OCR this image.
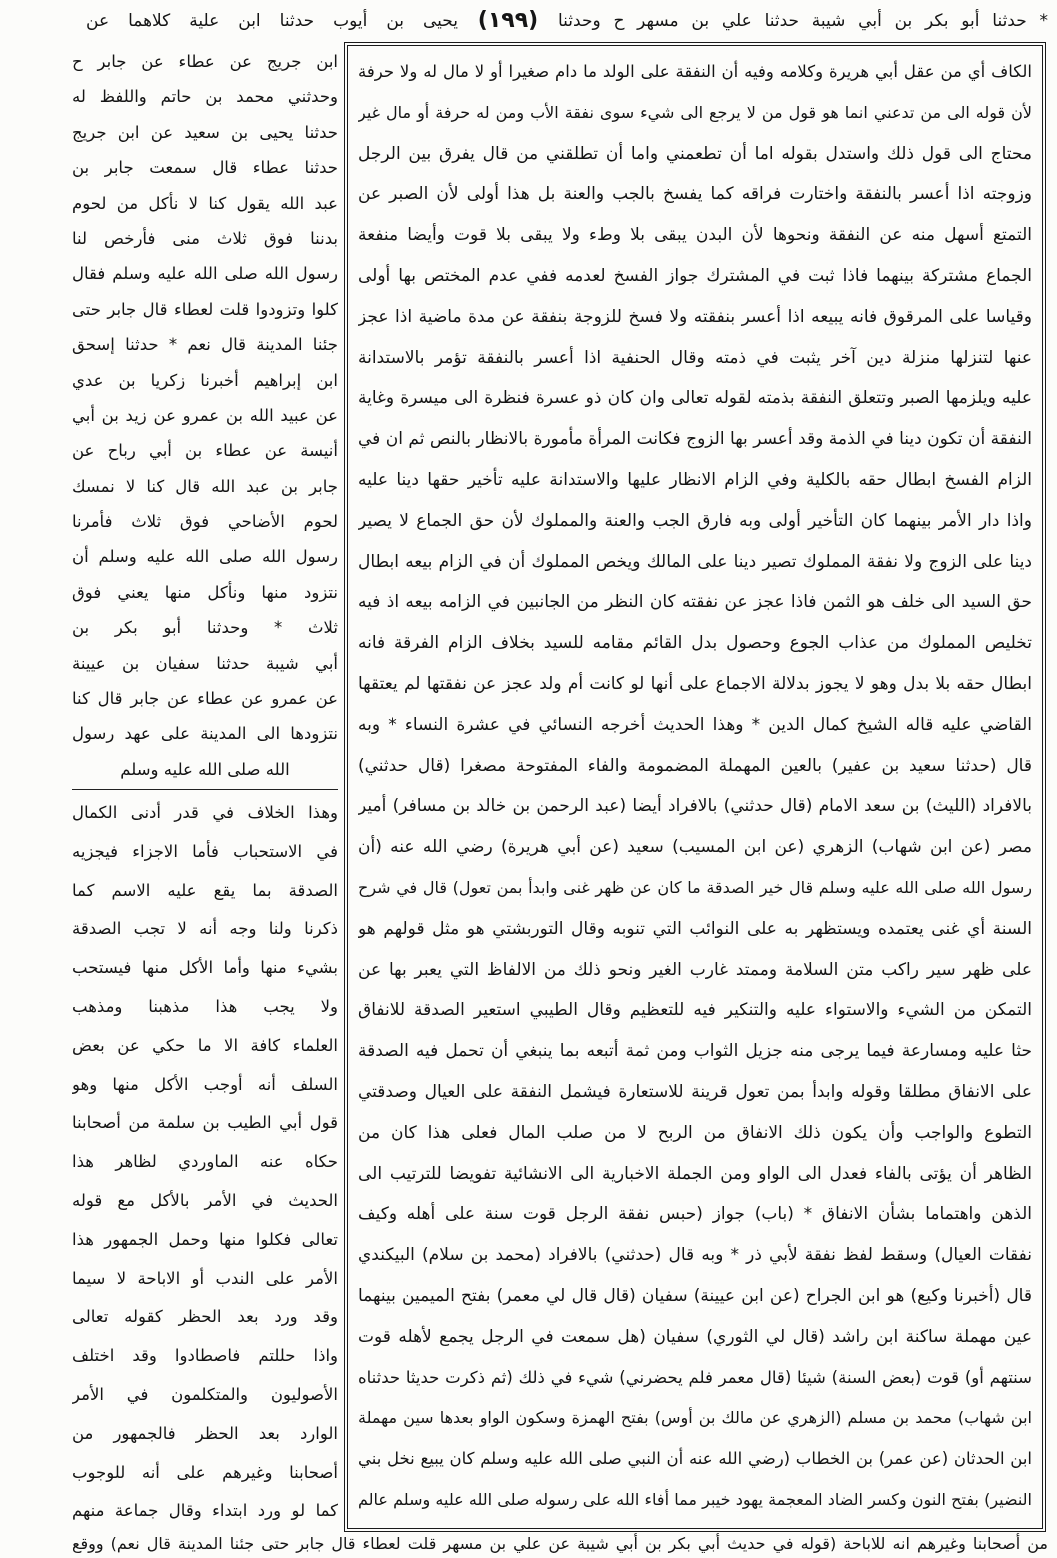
* حدثنا أبو بكر بن أبي شيبة حدثنا علي بن مسهر ح وحدثنا
(١٩٩)
يحيى بن أيوب حدثنا ابن علية كلاهما عن
الكاف أي من عقل أبي هريرة وكلامه وفيه أن النفقة على الولد ما دام صغيرا أو لا مال له ولا حرفة
لأن قوله الى من تدعني انما هو قول من لا يرجع الى شيء سوى نفقة الأب ومن له حرفة أو مال غير
محتاج الى قول ذلك واستدل بقوله اما أن تطعمني واما أن تطلقني من قال يفرق بين الرجل
وزوجته اذا أعسر بالنفقة واختارت فراقه كما يفسخ بالجب والعنة بل هذا أولى لأن الصبر عن
التمتع أسهل منه عن النفقة ونحوها لأن البدن يبقى بلا وطء ولا يبقى بلا قوت وأيضا منفعة
الجماع مشتركة بينهما فاذا ثبت في المشترك جواز الفسخ لعدمه ففي عدم المختص بها أولى
وقياسا على المرقوق فانه يبيعه اذا أعسر بنفقته ولا فسخ للزوجة بنفقة عن مدة ماضية اذا عجز
عنها لتنزلها منزلة دين آخر يثبت في ذمته وقال الحنفية اذا أعسر بالنفقة تؤمر بالاستدانة
عليه ويلزمها الصبر وتتعلق النفقة بذمته لقوله تعالى وان كان ذو عسرة فنظرة الى ميسرة وغاية
النفقة أن تكون دينا في الذمة وقد أعسر بها الزوج فكانت المرأة مأمورة بالانظار بالنص ثم ان في
الزام الفسخ ابطال حقه بالكلية وفي الزام الانظار عليها والاستدانة عليه تأخير حقها دينا عليه
واذا دار الأمر بينهما كان التأخير أولى وبه فارق الجب والعنة والمملوك لأن حق الجماع لا يصير
دينا على الزوج ولا نفقة المملوك تصير دينا على المالك ويخص المملوك أن في الزام بيعه ابطال
حق السيد الى خلف هو الثمن فاذا عجز عن نفقته كان النظر من الجانبين في الزامه بيعه اذ فيه
تخليص المملوك من عذاب الجوع وحصول بدل القائم مقامه للسيد بخلاف الزام الفرقة فانه
ابطال حقه بلا بدل وهو لا يجوز بدلالة الاجماع على أنها لو كانت أم ولد عجز عن نفقتها لم يعتقها
القاضي عليه قاله الشيخ كمال الدين * وهذا الحديث أخرجه النسائي في عشرة النساء * وبه
قال (حدثنا سعيد بن عفير) بالعين المهملة المضمومة والفاء المفتوحة مصغرا (قال حدثني)
بالافراد (الليث) بن سعد الامام (قال حدثني) بالافراد أيضا (عبد الرحمن بن خالد بن مسافر) أمير
مصر (عن ابن شهاب) الزهري (عن ابن المسيب) سعيد (عن أبي هريرة) رضي الله عنه (أن
رسول الله صلى الله عليه وسلم قال خير الصدقة ما كان عن ظهر غنى وابدأ بمن تعول) قال في شرح
السنة أي غنى يعتمده ويستظهر به على النوائب التي تنوبه وقال التوربشتي هو مثل قولهم هو
على ظهر سير راكب متن السلامة وممتد غارب الغير ونحو ذلك من الالفاظ التي يعبر بها عن
التمكن من الشيء والاستواء عليه والتنكير فيه للتعظيم وقال الطيبي استعير الصدقة للانفاق
حثا عليه ومسارعة فيما يرجى منه جزيل الثواب ومن ثمة أتبعه بما ينبغي أن تحمل فيه الصدقة
على الانفاق مطلقا وقوله وابدأ بمن تعول قرينة للاستعارة فيشمل النفقة على العيال وصدقتي
التطوع والواجب وأن يكون ذلك الانفاق من الربح لا من صلب المال فعلى هذا كان من
الظاهر أن يؤتى بالفاء فعدل الى الواو ومن الجملة الاخبارية الى الانشائية تفويضا للترتيب الى
الذهن واهتماما بشأن الانفاق * (باب) جواز (حبس نفقة الرجل قوت سنة على أهله وكيف
نفقات العيال) وسقط لفظ نفقة لأبي ذر * وبه قال (حدثني) بالافراد (محمد بن سلام) البيكندي
قال (أخبرنا وكيع) هو ابن الجراح (عن ابن عيينة) سفيان (قال قال لي معمر) بفتح الميمين بينهما
عين مهملة ساكنة ابن راشد (قال لي الثوري) سفيان (هل سمعت في الرجل يجمع لأهله قوت
سنتهم أو) قوت (بعض السنة) شيئا (قال معمر فلم يحضرني) شيء في ذلك (ثم ذكرت حديثا حدثناه
ابن شهاب) محمد بن مسلم (الزهري عن مالك بن أوس) بفتح الهمزة وسكون الواو بعدها سين مهملة
ابن الحدثان (عن عمر) بن الخطاب (رضي الله عنه أن النبي صلى الله عليه وسلم كان يبيع نخل بني
النضير) بفتح النون وكسر الضاد المعجمة يهود خيبر مما أفاء الله على رسوله صلى الله عليه وسلم عالم
ابن جريج عن عطاء عن جابر ح
وحدثني محمد بن حاتم واللفظ له
حدثنا يحيى بن سعيد عن ابن جريج
حدثنا عطاء قال سمعت جابر بن
عبد الله يقول كنا لا نأكل من لحوم
بدننا فوق ثلاث منى فأرخص لنا
رسول الله صلى الله عليه وسلم فقال
كلوا وتزودوا قلت لعطاء قال جابر حتى
جئنا المدينة قال نعم * حدثنا إسحق
ابن إبراهيم أخبرنا زكريا بن عدي
عن عبيد الله بن عمرو عن زيد بن أبي
أنيسة عن عطاء بن أبي رباح عن
جابر بن عبد الله قال كنا لا نمسك
لحوم الأضاحي فوق ثلاث فأمرنا
رسول الله صلى الله عليه وسلم أن
نتزود منها ونأكل منها يعني فوق
ثلاث * وحدثنا أبو بكر بن
أبي شيبة حدثنا سفيان بن عيينة
عن عمرو عن عطاء عن جابر قال كنا
نتزودها الى المدينة على عهد رسول
الله صلى الله عليه وسلم
وهذا الخلاف في قدر أدنى الكمال
في الاستحباب فأما الاجزاء فيجزيه
الصدقة بما يقع عليه الاسم كما
ذكرنا ولنا وجه أنه لا تجب الصدقة
بشيء منها وأما الأكل منها فيستحب
ولا يجب هذا مذهبنا ومذهب
العلماء كافة الا ما حكي عن بعض
السلف أنه أوجب الأكل منها وهو
قول أبي الطيب بن سلمة من أصحابنا
حكاه عنه الماوردي لظاهر هذا
الحديث في الأمر بالأكل مع قوله
تعالى فكلوا منها وحمل الجمهور هذا
الأمر على الندب أو الاباحة لا سيما
وقد ورد بعد الحظر كقوله تعالى
واذا حللتم فاصطادوا وقد اختلف
الأصوليون والمتكلمون في الأمر
الوارد بعد الحظر فالجمهور من
أصحابنا وغيرهم على أنه للوجوب
كما لو ورد ابتداء وقال جماعة منهم
من أصحابنا وغيرهم انه للاباحة (قوله في حديث أبي بكر بن أبي شيبة عن علي بن مسهر قلت لعطاء قال جابر حتى جئنا المدينة قال نعم) ووقع
